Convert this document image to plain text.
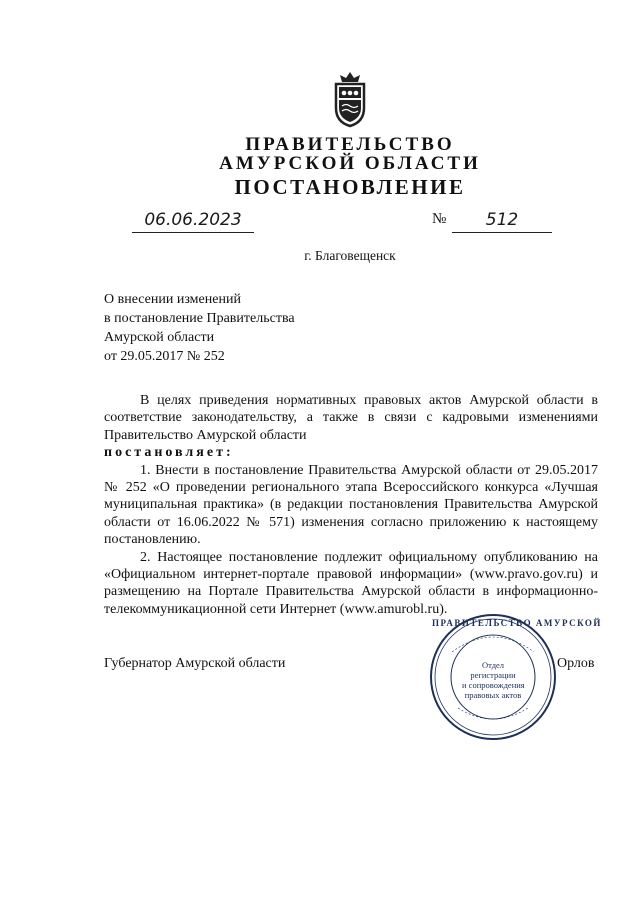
ПРАВИТЕЛЬСТВО
АМУРСКОЙ ОБЛАСТИ
ПОСТАНОВЛЕНИЕ
06.06.2023	№	512
г. Благовещенск
О внесении изменений
в постановление Правительства
Амурской области
от 29.05.2017 № 252

В целях приведения нормативных правовых актов Амурской области в соответствие законодательству, а также в связи с кадровыми изменениями Правительство Амурской области

постановляет:

1. Внести в постановление Правительства Амурской области от 29.05.2017 № 252 «О проведении регионального этапа Всероссийского конкурса «Лучшая муниципальная практика» (в редакции постановления Правительства Амурской области от 16.06.2022 № 571) изменения согласно приложению к настоящему постановлению.

2. Настоящее постановление подлежит официальному опубликованию на «Официальном интернет-портале правовой информации» (www.pravo.gov.ru) и размещению на Портале Правительства Амурской области в информационно-телекоммуникационной сети Интернет (www.amurobl.ru).

Губернатор Амурской области
ПРАВИТЕЛЬСТВО АМУРСКОЙ
Отдел
регистрации
и сопровождения
правовых актов
Орлов
